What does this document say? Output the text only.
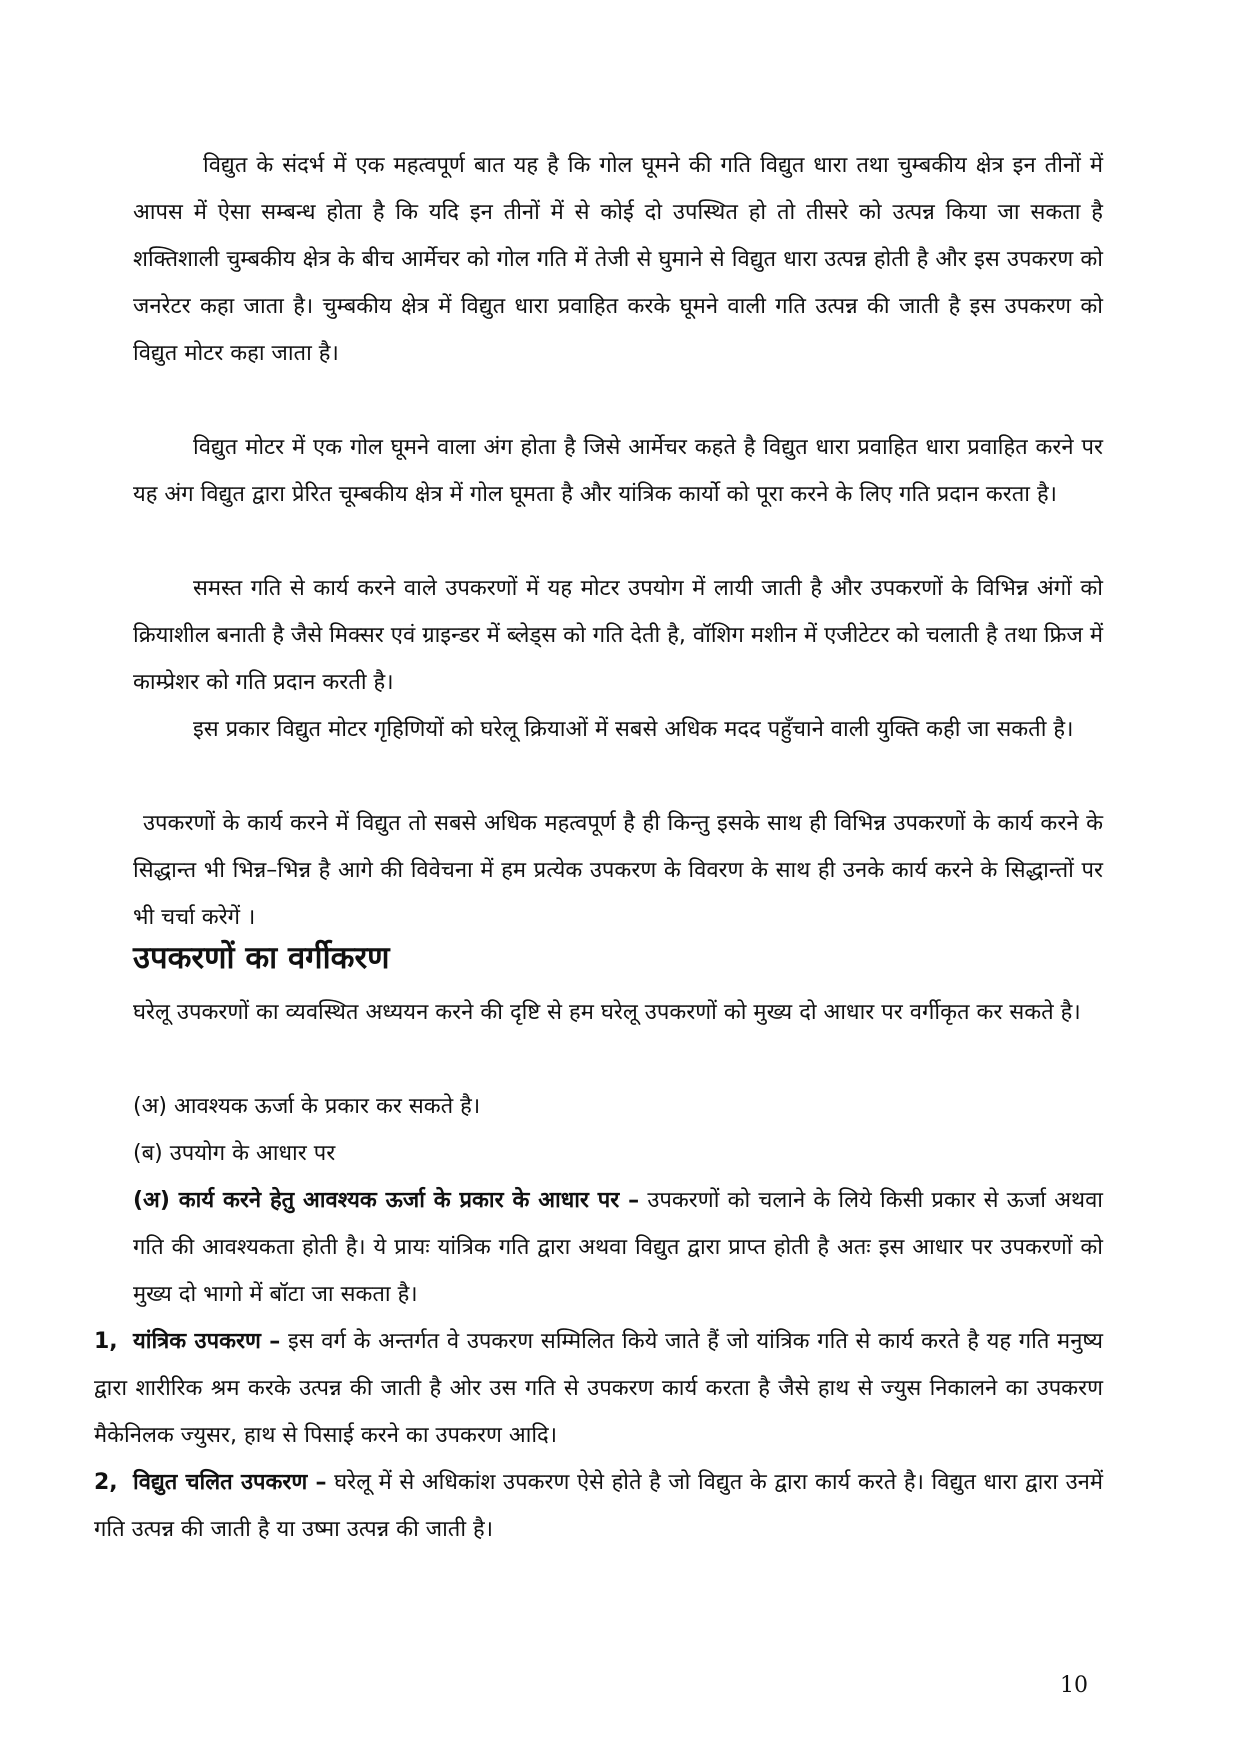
विद्युत के संदर्भ में एक महत्वपूर्ण बात यह है कि गोल घूमने की गति विद्युत धारा तथा चुम्बकीय क्षेत्र इन तीनों में आपस में ऐसा सम्बन्ध होता है कि यदि इन तीनों में से कोई दो उपस्थित हो तो तीसरे को उत्पन्न किया जा सकता है शक्तिशाली चुम्बकीय क्षेत्र के बीच आर्मेचर को गोल गति में तेजी से घुमाने से विद्युत धारा उत्पन्न होती है और इस उपकरण को जनरेटर कहा जाता है। चुम्बकीय क्षेत्र में विद्युत धारा प्रवाहित करके घूमने वाली गति उत्पन्न की जाती है इस उपकरण को विद्युत मोटर कहा जाता है।

विद्युत मोटर में एक गोल घूमने वाला अंग होता है जिसे आर्मेचर कहते है विद्युत धारा प्रवाहित धारा प्रवाहित करने पर यह अंग विद्युत द्वारा प्रेरित चूम्बकीय क्षेत्र में गोल घूमता है और यांत्रिक कार्यो को पूरा करने के लिए गति प्रदान करता है।

समस्त गति से कार्य करने वाले उपकरणों में यह मोटर उपयोग में लायी जाती है और उपकरणों के विभिन्न अंगों को क्रियाशील बनाती है जैसे मिक्सर एवं ग्राइन्डर में ब्लेड्स को गति देती है, वॉशिग मशीन में एजीटेटर को चलाती है तथा फ्रिज में काम्प्रेशर को गति प्रदान करती है।

इस प्रकार विद्युत मोटर गृहिणियों को घरेलू क्रियाओं में सबसे अधिक मदद पहुँचाने वाली युक्ति कही जा सकती है।

उपकरणों के कार्य करने में विद्युत तो सबसे अधिक महत्वपूर्ण है ही किन्तु इसके साथ ही विभिन्न उपकरणों के कार्य करने के सिद्धान्त भी भिन्न–भिन्न है आगे की विवेचना में हम प्रत्येक उपकरण के विवरण के साथ ही उनके कार्य करने के सिद्धान्तों पर भी चर्चा करेगें ।

उपकरणों का वर्गीकरण

घरेलू उपकरणों का व्यवस्थित अध्ययन करने की दृष्टि से हम घरेलू उपकरणों को मुख्य दो आधार पर वर्गीकृत कर सकते है।

(अ) आवश्यक ऊर्जा के प्रकार कर सकते है।

(ब) उपयोग के आधार पर

(अ) कार्य करने हेतु आवश्यक ऊर्जा के प्रकार के आधार पर – उपकरणों को चलाने के लिये किसी प्रकार से ऊर्जा अथवा गति की आवश्यकता होती है। ये प्रायः यांत्रिक गति द्वारा अथवा विद्युत द्वारा प्राप्त होती है अतः इस आधार पर उपकरणों को मुख्य दो भागो में बॉटा जा सकता है।

1, यांत्रिक उपकरण – इस वर्ग के अन्तर्गत वे उपकरण सम्मिलित किये जाते हैं जो यांत्रिक गति से कार्य करते है यह गति मनुष्य द्वारा शारीरिक श्रम करके उत्पन्न की जाती है ओर उस गति से उपकरण कार्य करता है जैसे हाथ से ज्युस निकालने का उपकरण मैकेनिलक ज्युसर, हाथ से पिसाई करने का उपकरण आदि।

2, विद्युत चलित उपकरण – घरेलू में से अधिकांश उपकरण ऐसे होते है जो विद्युत के द्वारा कार्य करते है। विद्युत धारा द्वारा उनमें गति उत्पन्न की जाती है या उष्मा उत्पन्न की जाती है।

10
